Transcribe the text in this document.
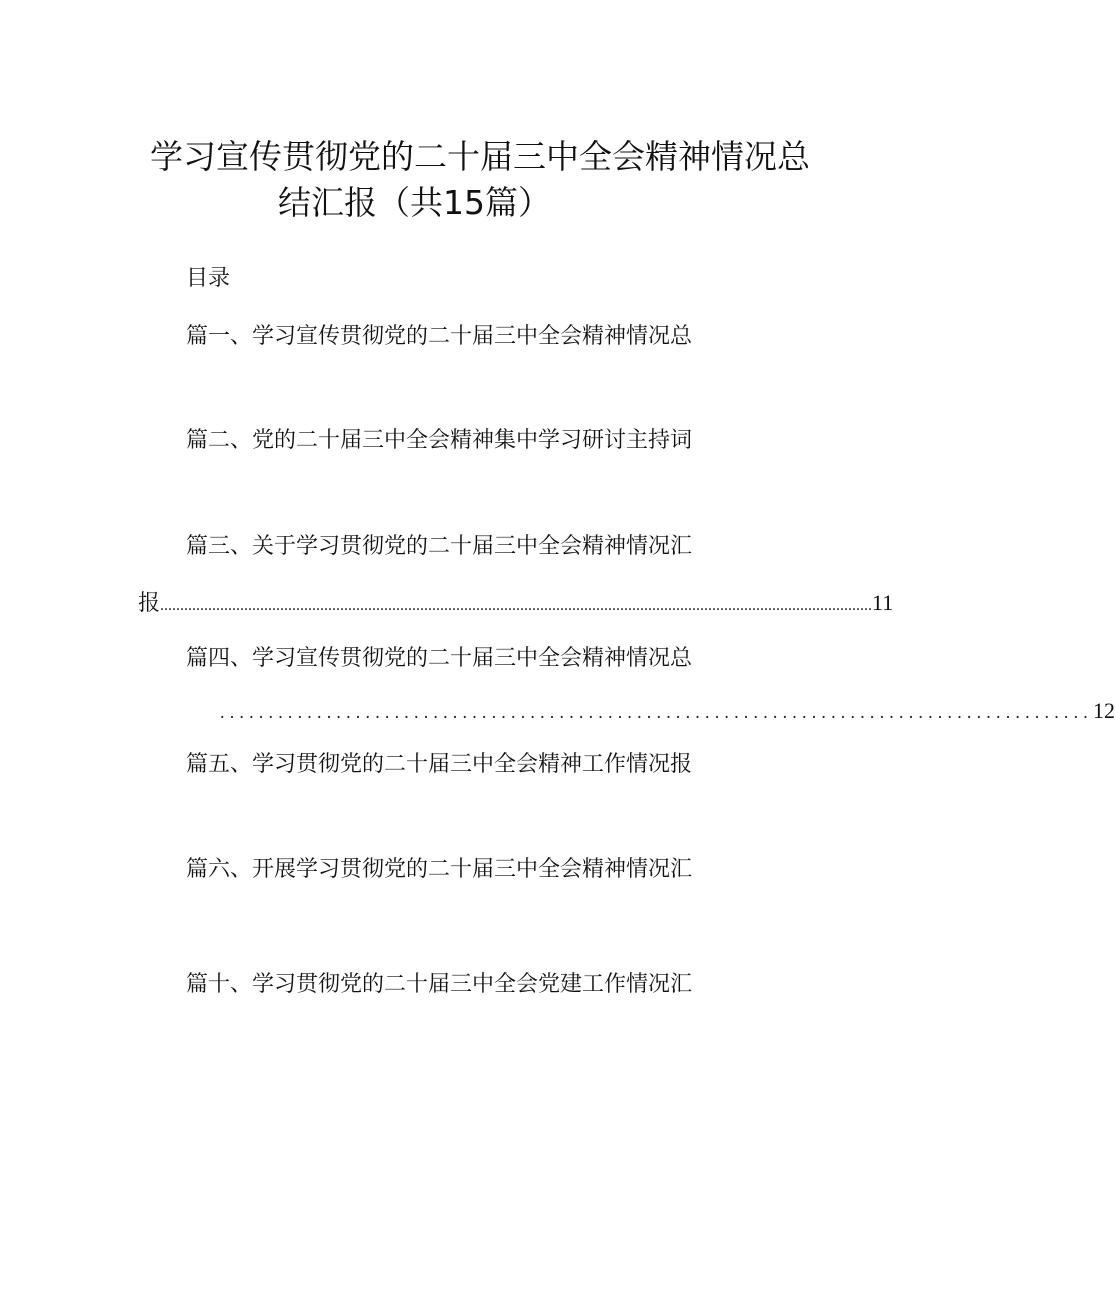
学习宣传贯彻党的二十届三中全会精神情况总
结汇报（共15篇）
目录
篇一、学习宣传贯彻党的二十届三中全会精神情况总
篇二、党的二十届三中全会精神集中学习研讨主持词
篇三、关于学习贯彻党的二十届三中全会精神情况汇
报 .................................................................................................................................................................................. 11
篇四、学习宣传贯彻党的二十届三中全会精神情况总
.......................................................................................... 12
篇五、学习贯彻党的二十届三中全会精神工作情况报
篇六、开展学习贯彻党的二十届三中全会精神情况汇
篇十、学习贯彻党的二十届三中全会党建工作情况汇
